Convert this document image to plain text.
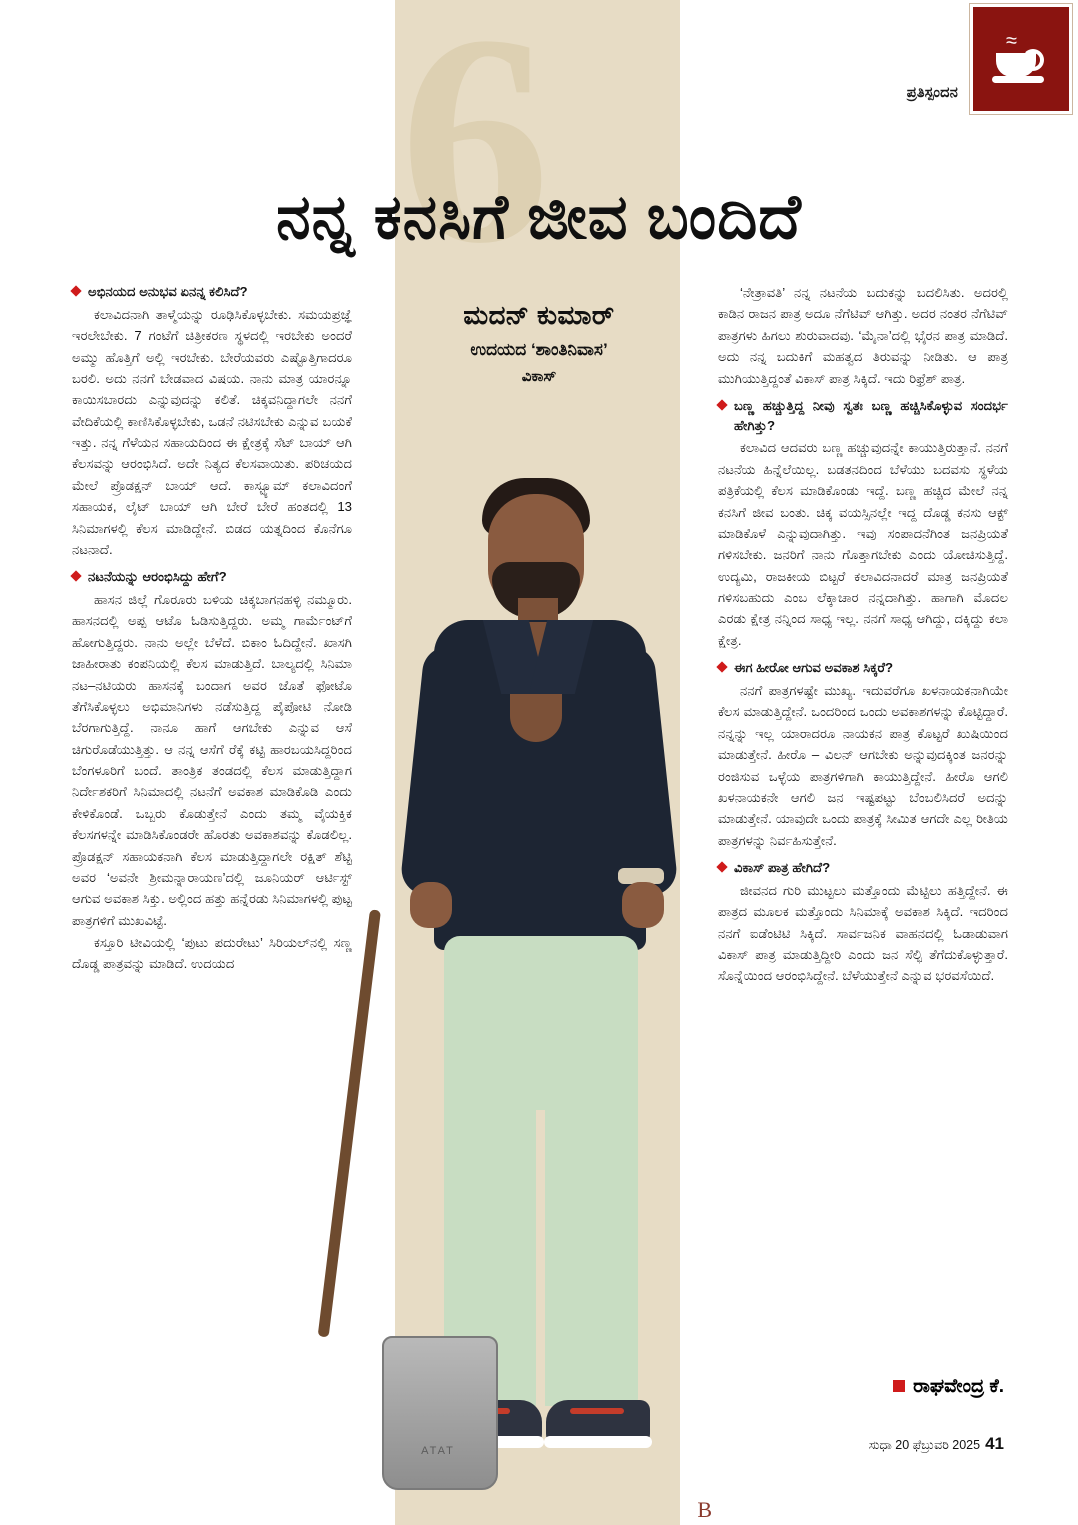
≈
ಪ್ರತಿಸ್ಪಂದನ
6
ನನ್ನ ಕನಸಿಗೆ ಜೀವ ಬಂದಿದೆ
ಮದನ್ ಕುಮಾರ್
ಉದಯದ ‘ಶಾಂತಿನಿವಾಸ’
ವಿಕಾಸ್
ATAT
ಅಭಿನಯದ ಅನುಭವ ಏನನ್ನ ಕಲಿಸಿದೆ?

ಕಲಾವಿದನಾಗಿ ತಾಳ್ಮೆಯನ್ನು ರೂಢಿಸಿಕೊಳ್ಳಬೇಕು. ಸಮಯಪ್ರಜ್ಞೆ ಇರಲೇಬೇಕು. 7 ಗಂಟೆಗೆ ಚಿತ್ರೀಕರಣ ಸ್ಥಳದಲ್ಲಿ ಇರಬೇಕು ಅಂದರೆ ಅಮ್ಮು ಹೊತ್ತಿಗೆ ಅಲ್ಲಿ ಇರಬೇಕು. ಬೇರೆಯವರು ಎಷ್ಟೊತ್ತಿಗಾದರೂ ಬರಲಿ. ಅದು ನನಗೆ ಬೇಡವಾದ ವಿಷಯ. ನಾನು ಮಾತ್ರ ಯಾರನ್ನೂ ಕಾಯಿಸಬಾರದು ಎನ್ನುವುದನ್ನು ಕಲಿತೆ. ಚಿಕ್ಕವನಿದ್ದಾಗಲೇ ನನಗೆ ವೇದಿಕೆಯಲ್ಲಿ ಕಾಣಿಸಿಕೊಳ್ಳಬೇಕು, ಒಡನೆ ನಟಿಸಬೇಕು ಎನ್ನುವ ಬಯಕೆ ಇತ್ತು. ನನ್ನ ಗೆಳೆಯನ ಸಹಾಯದಿಂದ ಈ ಕ್ಷೇತ್ರಕ್ಕೆ ಸೆಟ್ ಬಾಯ್ ಆಗಿ ಕೆಲಸವನ್ನು ಆರಂಭಿಸಿದೆ. ಅದೇ ನಿತ್ಯದ ಕೆಲಸವಾಯಿತು. ಪರಿಚಯದ ಮೇಲೆ ಪ್ರೊಡಕ್ಷನ್ ಬಾಯ್ ಆದೆ. ಕಾಸ್ಟ್ಯೂಮ್ ಕಲಾವಿದಂಗೆ ಸಹಾಯಕ, ಲೈಟ್ ಬಾಯ್ ಆಗಿ ಬೇರೆ ಬೇರೆ ಹಂತದಲ್ಲಿ 13 ಸಿನಿಮಾಗಳಲ್ಲಿ ಕೆಲಸ ಮಾಡಿದ್ದೇನೆ. ಬಿಡದ ಯತ್ನದಿಂದ ಕೊನೆಗೂ ನಟನಾದೆ.

ನಟನೆಯನ್ನು ಆರಂಭಿಸಿದ್ದು ಹೇಗೆ?

ಹಾಸನ ಜಿಲ್ಲೆ ಗೊರೂರು ಬಳಿಯ ಚಿಕ್ಕಬಾಗನಹಳ್ಳಿ ನಮ್ಮೂರು. ಹಾಸನದಲ್ಲಿ ಅಪ್ಪ ಆಟೊ ಓಡಿಸುತ್ತಿದ್ದರು. ಅಮ್ಮ ಗಾರ್ಮೆಂಟ್‌ಗೆ ಹೋಗುತ್ತಿದ್ದರು. ನಾನು ಅಲ್ಲೇ ಬೆಳೆದೆ. ಬಿಕಾಂ ಓದಿದ್ದೇನೆ. ಖಾಸಗಿ ಜಾಹೀರಾತು ಕಂಪನಿಯಲ್ಲಿ ಕೆಲಸ ಮಾಡುತ್ತಿದೆ. ಬಾಲ್ಯದಲ್ಲಿ ಸಿನಿಮಾ ನಟ–ನಟಿಯರು ಹಾಸನಕ್ಕೆ ಬಂದಾಗ ಅವರ ಜೊತೆ ಫೋಟೊ ತೆಗೆಸಿಕೊಳ್ಳಲು ಅಭಿಮಾನಿಗಳು ನಡೆಸುತ್ತಿದ್ದ ಪೈಪೋಟಿ ನೋಡಿ ಬೆರಗಾಗುತ್ತಿದ್ದೆ. ನಾನೂ ಹಾಗೆ ಆಗಬೇಕು ಎನ್ನುವ ಆಸೆ ಚಿಗುರೊಡೆಯುತ್ತಿತ್ತು. ಆ ನನ್ನ ಆಸೆಗೆ ರೆಕ್ಕೆ ಕಟ್ಟಿ ಹಾರಬಯಸಿದ್ದರಿಂದ ಬೆಂಗಳೂರಿಗೆ ಬಂದೆ. ತಾಂತ್ರಿಕ ತಂಡದಲ್ಲಿ ಕೆಲಸ ಮಾಡುತ್ತಿದ್ದಾಗ ನಿರ್ದೇಶಕರಿಗೆ ಸಿನಿಮಾದಲ್ಲಿ ನಟನೆಗೆ ಅವಕಾಶ ಮಾಡಿಕೊಡಿ ಎಂದು ಕೇಳಿಕೊಂಡೆ. ಒಬ್ಬರು ಕೊಡುತ್ತೇನೆ ಎಂದು ತಮ್ಮ ವೈಯಕ್ತಿಕ ಕೆಲಸಗಳನ್ನೇ ಮಾಡಿಸಿಕೊಂಡರೇ ಹೊರತು ಅವಕಾಶವನ್ನು ಕೊಡಲಿಲ್ಲ. ಪ್ರೊಡಕ್ಷನ್ ಸಹಾಯಕನಾಗಿ ಕೆಲಸ ಮಾಡುತ್ತಿದ್ದಾಗಲೇ ರಕ್ಷಿತ್ ಶೆಟ್ಟಿ ಅವರ ‘ಅವನೇ ಶ್ರೀಮನ್ನಾರಾಯಣ’ದಲ್ಲಿ ಜೂನಿಯರ್ ಆರ್ಟಿಸ್ಟ್ ಆಗುವ ಅವಕಾಶ ಸಿಕ್ತು. ಅಲ್ಲಿಂದ ಹತ್ತು ಹನ್ನೆರಡು ಸಿನಿಮಾಗಳಲ್ಲಿ ಪುಟ್ಟ ಪಾತ್ರಗಳಿಗೆ ಮುಖವಿಟ್ಟೆ.

ಕಸ್ತೂರಿ ಟೀವಿಯಲ್ಲಿ ‘ಪುಟು ಪದುರೇಟು’ ಸಿರಿಯಲ್‌ನಲ್ಲಿ ಸಣ್ಣ ದೊಡ್ಡ ಪಾತ್ರವನ್ನು ಮಾಡಿದೆ. ಉದಯದ

‘ನೇತ್ರಾವತಿ’ ನನ್ನ ನಟನೆಯ ಬದುಕನ್ನು ಬದಲಿಸಿತು. ಅದರಲ್ಲಿ ಕಾಡಿನ ರಾಜನ ಪಾತ್ರ ಅದೂ ನೆಗೆಟಿವ್ ಆಗಿತ್ತು. ಅದರ ನಂತರ ನೆಗೆಟಿವ್ ಪಾತ್ರಗಳು ಹಿಗಲು ಶುರುವಾದವು. ‘ಮೈನಾ’ದಲ್ಲಿ ಭೈರನ ಪಾತ್ರ ಮಾಡಿದೆ. ಅದು ನನ್ನ ಬದುಕಿಗೆ ಮಹತ್ವದ ತಿರುವನ್ನು ನೀಡಿತು. ಆ ಪಾತ್ರ ಮುಗಿಯುತ್ತಿದ್ದಂತೆ ವಿಕಾಸ್ ಪಾತ್ರ ಸಿಕ್ಕಿದೆ. ಇದು ರಿಫ್ರೆಶ್ ಪಾತ್ರ.

ಬಣ್ಣ ಹಚ್ಚುತ್ತಿದ್ದ ನೀವು ಸ್ವತಃ ಬಣ್ಣ ಹಚ್ಚಿಸಿಕೊಳ್ಳುವ ಸಂದರ್ಭ ಹೇಗಿತ್ತು?

ಕಲಾವಿದ ಆದವರು ಬಣ್ಣ ಹಚ್ಚುವುದನ್ನೇ ಕಾಯುತ್ತಿರುತ್ತಾನೆ. ನನಗೆ ನಟನೆಯ ಹಿನ್ನೆಲೆಯಿಲ್ಲ. ಬಡತನದಿಂದ ಬೆಳೆಯು ಬದವಸು ಸ್ಥಳೆಯ ಪತ್ರಿಕೆಯಲ್ಲಿ ಕೆಲಸ ಮಾಡಿಕೊಂಡು ಇದ್ದೆ. ಬಣ್ಣ ಹಚ್ಚಿದ ಮೇಲೆ ನನ್ನ ಕನಸಿಗೆ ಜೀವ ಬಂತು. ಚಿಕ್ಕ ವಯಸ್ಸಿನಲ್ಲೇ ಇದ್ದ ದೊಡ್ಡ ಕನಸು ಆಕ್ಟ್ ಮಾಡಿಕೊಳೆ ಎನ್ನುವುದಾಗಿತ್ತು. ಇವು ಸಂಪಾದನೆಗಿಂತ ಜನಪ್ರಿಯತೆ ಗಳಿಸಬೇಕು. ಜನರಿಗೆ ನಾನು ಗೊತ್ತಾಗಬೇಕು ಎಂದು ಯೋಚಿಸುತ್ತಿದ್ದೆ. ಉದ್ಯಮಿ, ರಾಜಕೀಯ ಬಿಟ್ಟರೆ ಕಲಾವಿದನಾದರೆ ಮಾತ್ರ ಜನಪ್ರಿಯತೆ ಗಳಿಸಬಹುದು ಎಂಬ ಲೆಕ್ಕಾಚಾರ ನನ್ನದಾಗಿತ್ತು. ಹಾಗಾಗಿ ಮೊದಲ ಎರಡು ಕ್ಷೇತ್ರ ನನ್ನಿಂದ ಸಾಧ್ಯ ಇಲ್ಲ. ನನಗೆ ಸಾಧ್ಯ ಆಗಿದ್ದು, ದಕ್ಕಿದ್ದು ಕಲಾ ಕ್ಷೇತ್ರ.

ಈಗ ಹೀರೋ ಆಗುವ ಅವಕಾಶ ಸಿಕ್ಕರೆ?

ನನಗೆ ಪಾತ್ರಗಳಷ್ಟೇ ಮುಖ್ಯ. ಇದುವರೆಗೂ ಖಳನಾಯಕನಾಗಿಯೇ ಕೆಲಸ ಮಾಡುತ್ತಿದ್ದೇನೆ. ಒಂದರಿಂದ ಒಂದು ಅವಕಾಶಗಳನ್ನು ಕೊಟ್ಟಿದ್ದಾರೆ. ನನ್ನನ್ನು ಇಲ್ಲ ಯಾರಾದರೂ ನಾಯಕನ ಪಾತ್ರ ಕೊಟ್ಟರೆ ಖುಷಿಯಿಂದ ಮಾಡುತ್ತೇನೆ. ಹೀರೊ – ವಿಲನ್ ಆಗಬೇಕು ಅನ್ನುವುದಕ್ಕಿಂತ ಜನರನ್ನು ರಂಜಿಸುವ ಒಳ್ಳೆಯ ಪಾತ್ರಗಳಿಗಾಗಿ ಕಾಯುತ್ತಿದ್ದೇನೆ. ಹೀರೊ ಆಗಲಿ ಖಳನಾಯಕನೇ ಆಗಲಿ ಜನ ಇಷ್ಟಪಟ್ಟು ಬೆಂಬಲಿಸಿದರೆ ಅದನ್ನು ಮಾಡುತ್ತೇನೆ. ಯಾವುದೇ ಒಂದು ಪಾತ್ರಕ್ಕೆ ಸೀಮಿತ ಆಗದೇ ಎಲ್ಲ ರೀತಿಯ ಪಾತ್ರಗಳನ್ನು ನಿರ್ವಹಿಸುತ್ತೇನೆ.

ವಿಕಾಸ್ ಪಾತ್ರ ಹೇಗಿದೆ?

ಜೀವನದ ಗುರಿ ಮುಟ್ಟಲು ಮತ್ತೊಂದು ಮೆಟ್ಟಿಲು ಹತ್ತಿದ್ದೇನೆ. ಈ ಪಾತ್ರದ ಮೂಲಕ ಮತ್ತೊಂದು ಸಿನಿಮಾಕ್ಕೆ ಅವಕಾಶ ಸಿಕ್ಕಿದೆ. ಇದರಿಂದ ನನಗೆ ಐಡೆಂಟಿಟಿ ಸಿಕ್ಕಿದೆ. ಸಾರ್ವಜನಿಕ ವಾಹನದಲ್ಲಿ ಓಡಾಡುವಾಗ ವಿಕಾಸ್ ಪಾತ್ರ ಮಾಡುತ್ತಿದ್ದೀರಿ ಎಂದು ಜನ ಸೆಲ್ಫಿ ತೆಗೆದುಕೊಳ್ಳುತ್ತಾರೆ. ಸೊನ್ನೆಯಿಂದ ಆರಂಭಿಸಿದ್ದೇನೆ. ಬೆಳೆಯುತ್ತೇನೆ ಎನ್ನುವ ಭರವಸೆಯಿದೆ.

ರಾಘವೇಂದ್ರ ಕೆ.
ಸುಧಾ 20 ಫೆಬ್ರುವರಿ 2025 41
B
